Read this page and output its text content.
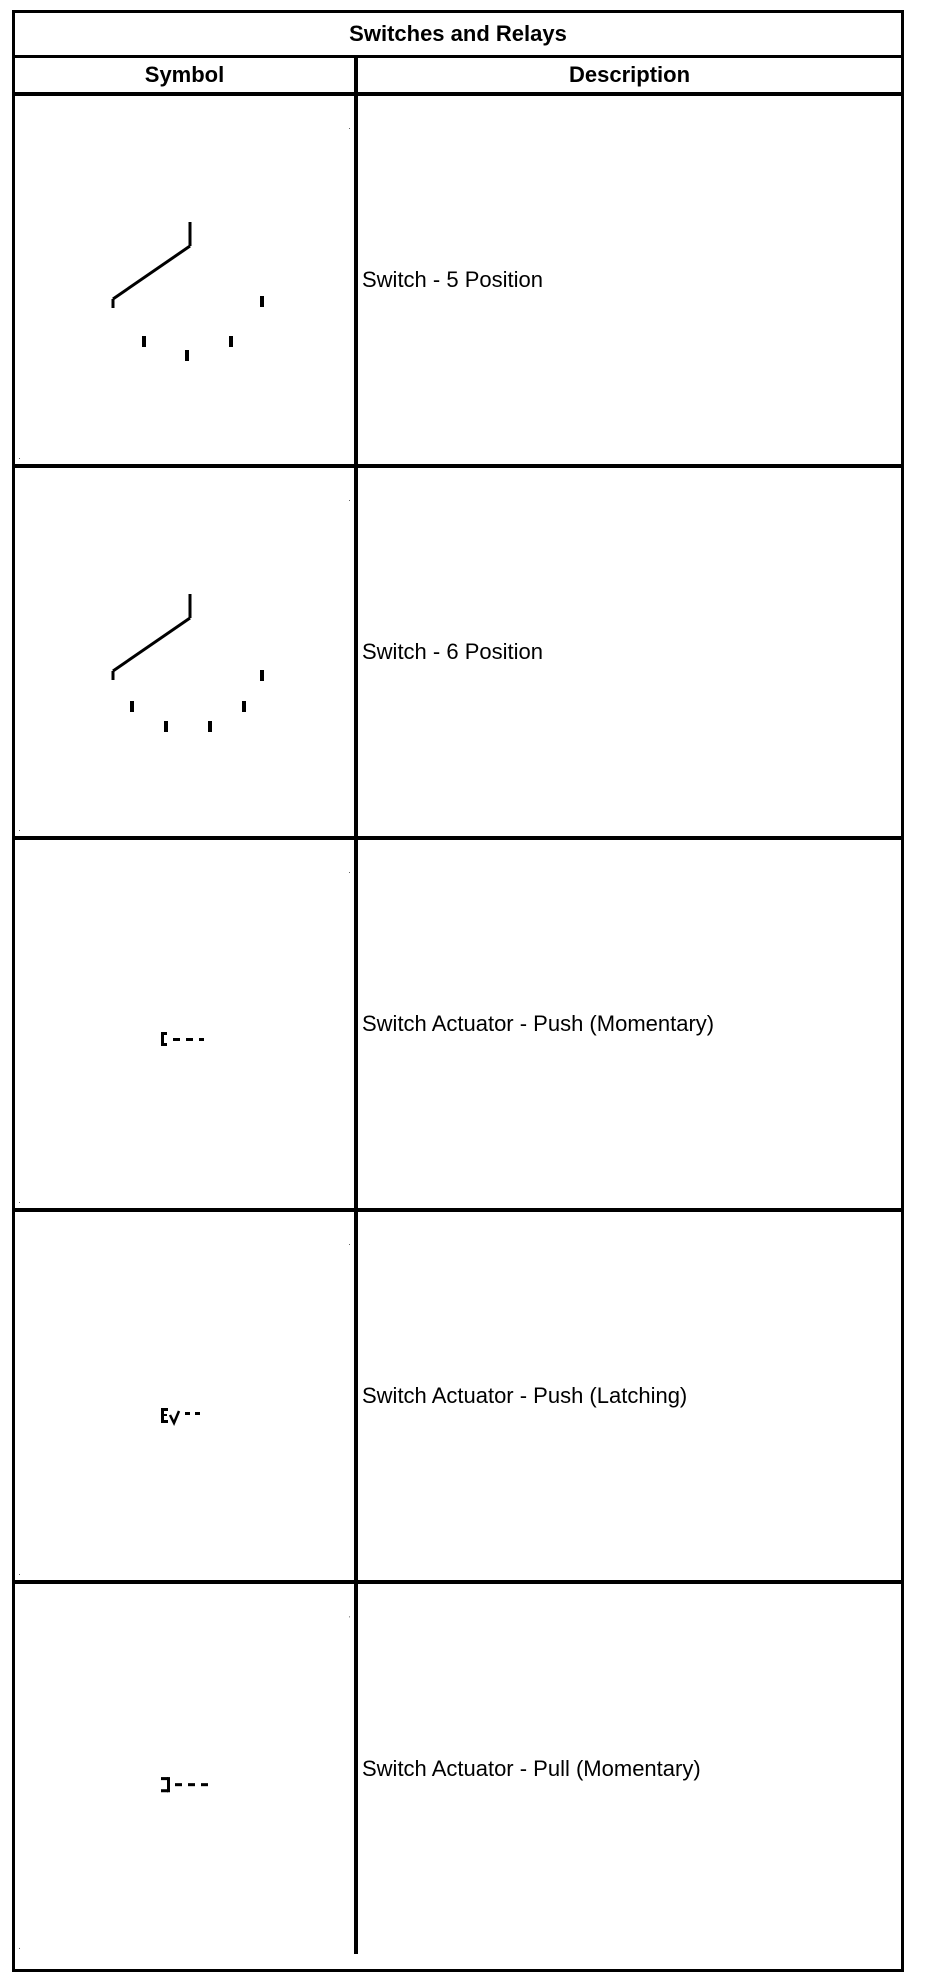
Switches and Relays
Symbol	Description
Switch - 5 Position
Switch - 6 Position
Switch Actuator - Push (Momentary)
Switch Actuator - Push (Latching)
Switch Actuator - Pull (Momentary)
